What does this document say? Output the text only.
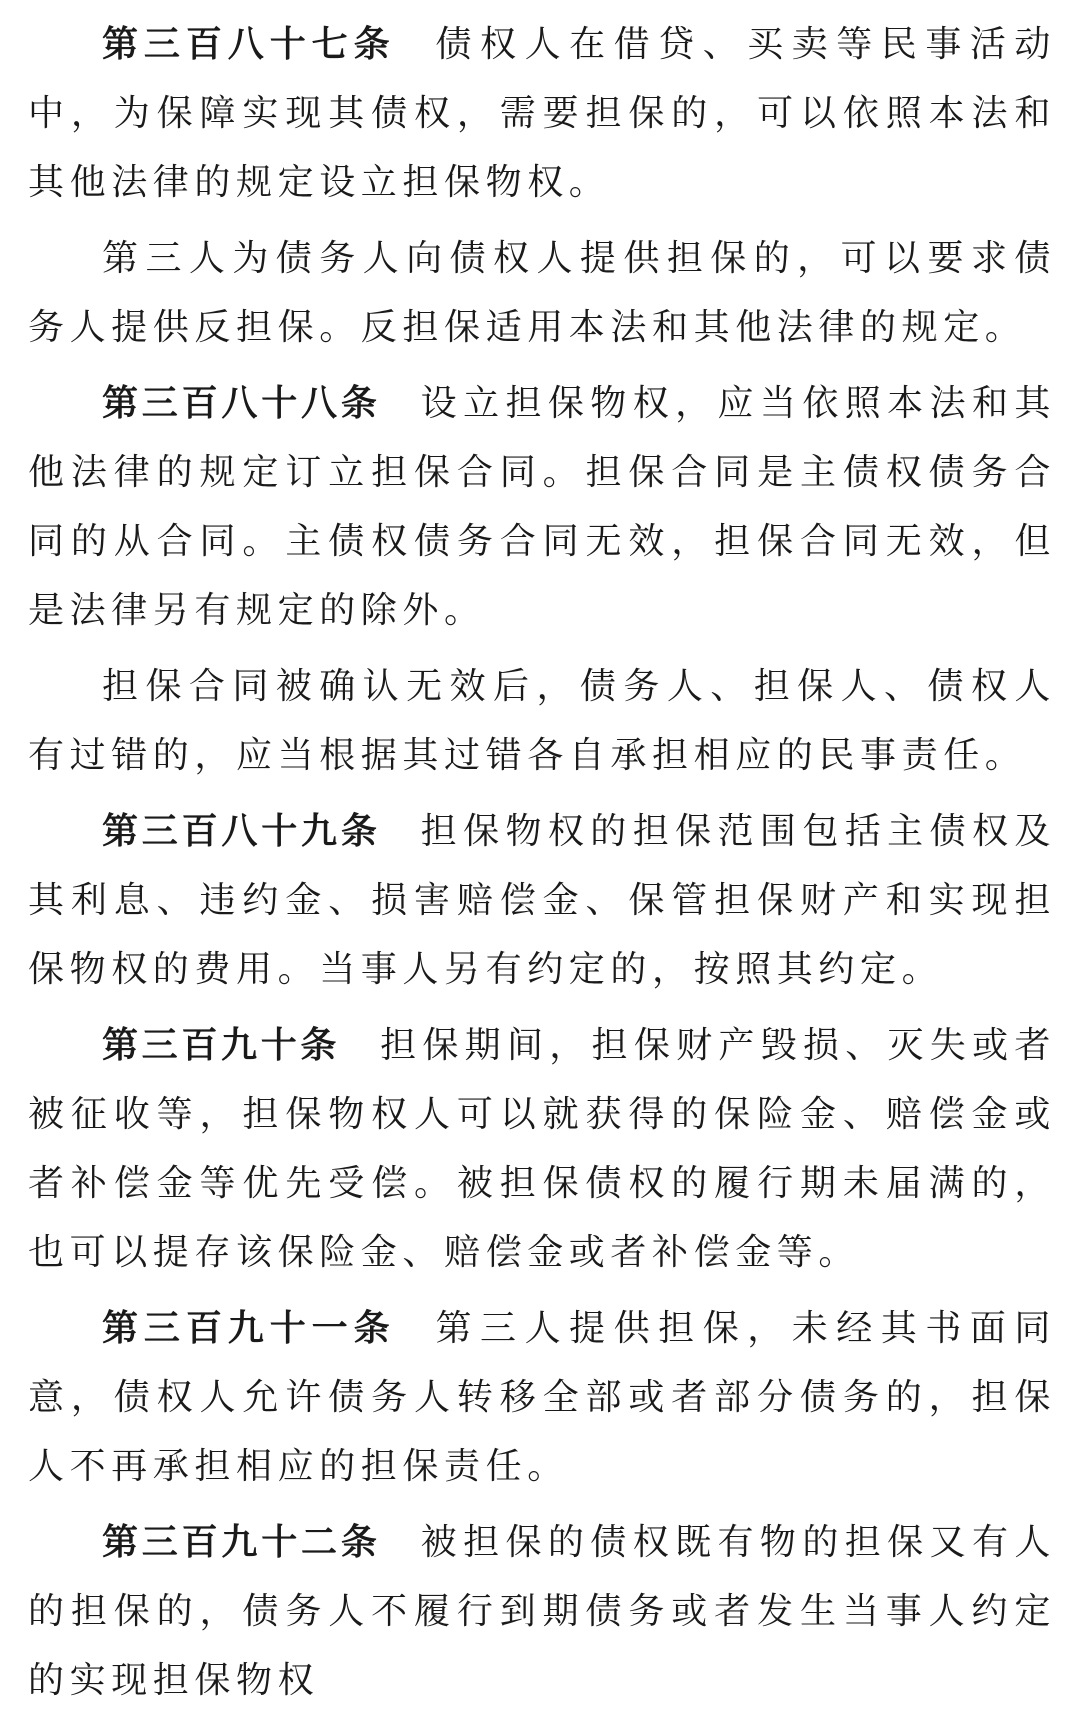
第三百八十七条 债权人在借贷、买卖等民事活动中，为保障实现其债权，需要担保的，可以依照本法和其他法律的规定设立担保物权。

第三人为债务人向债权人提供担保的，可以要求债务人提供反担保。反担保适用本法和其他法律的规定。

第三百八十八条 设立担保物权，应当依照本法和其他法律的规定订立担保合同。担保合同是主债权债务合同的从合同。主债权债务合同无效，担保合同无效，但是法律另有规定的除外。

担保合同被确认无效后，债务人、担保人、债权人有过错的，应当根据其过错各自承担相应的民事责任。

第三百八十九条 担保物权的担保范围包括主债权及其利息、违约金、损害赔偿金、保管担保财产和实现担保物权的费用。当事人另有约定的，按照其约定。

第三百九十条 担保期间，担保财产毁损、灭失或者被征收等，担保物权人可以就获得的保险金、赔偿金或者补偿金等优先受偿。被担保债权的履行期未届满的，也可以提存该保险金、赔偿金或者补偿金等。

第三百九十一条 第三人提供担保，未经其书面同意，债权人允许债务人转移全部或者部分债务的，担保人不再承担相应的担保责任。

第三百九十二条 被担保的债权既有物的担保又有人的担保的，债务人不履行到期债务或者发生当事人约定的实现担保物权
